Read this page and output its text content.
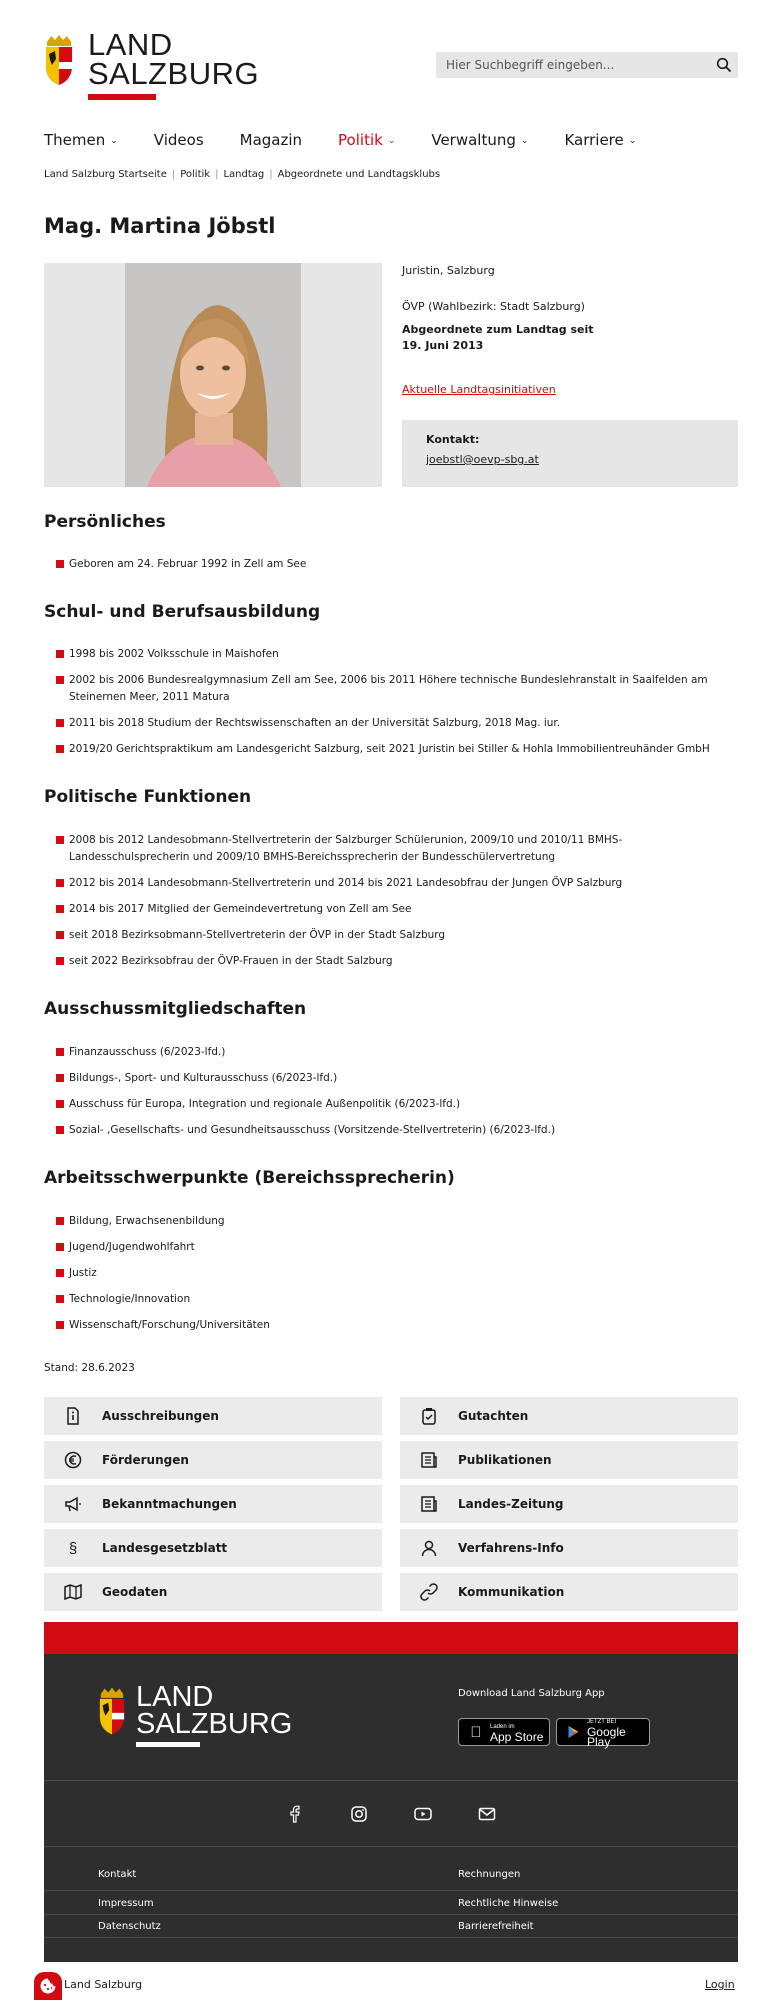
LAND
SALZBURG
Hier Suchbegriff eingeben...
Themen ⌄ Videos Magazin Politik ⌄ Verwaltung ⌄ Karriere ⌄
Land Salzburg Startseite | Politik | Landtag | Abgeordnete und Landtagsklubs
Mag. Martina Jöbstl
Juristin, Salzburg
ÖVP (Wahlbezirk: Stadt Salzburg)
Abgeordnete zum Landtag seit 19. Juni 2013
Aktuelle Landtagsinitiativen
Kontakt:
joebstl@oevp-sbg.at
Persönliches
Geboren am 24. Februar 1992 in Zell am See
Schul- und Berufsausbildung
1998 bis 2002 Volksschule in Maishofen
2002 bis 2006 Bundesrealgymnasium Zell am See, 2006 bis 2011 Höhere technische Bundeslehranstalt in Saalfelden am Steinernen Meer, 2011 Matura
2011 bis 2018 Studium der Rechtswissenschaften an der Universität Salzburg, 2018 Mag. iur.
2019/20 Gerichtspraktikum am Landesgericht Salzburg, seit 2021 Juristin bei Stiller & Hohla Immobilientreuhänder GmbH
Politische Funktionen
2008 bis 2012 Landesobmann-Stellvertreterin der Salzburger Schülerunion, 2009/10 und 2010/11 BMHS-Landesschulsprecherin und 2009/10 BMHS-Bereichssprecherin der Bundesschülervertretung
2012 bis 2014 Landesobmann-Stellvertreterin und 2014 bis 2021 Landesobfrau der Jungen ÖVP Salzburg
2014 bis 2017 Mitglied der Gemeindevertretung von Zell am See
seit 2018 Bezirksobmann-Stellvertreterin der ÖVP in der Stadt Salzburg
seit 2022 Bezirksobfrau der ÖVP-Frauen in der Stadt Salzburg
Ausschussmitgliedschaften
Finanzausschuss (6/2023-lfd.)
Bildungs-, Sport- und Kulturausschuss (6/2023-lfd.)
Ausschuss für Europa, Integration und regionale Außenpolitik (6/2023-lfd.)
Sozial- ,Gesellschafts- und Gesundheitsausschuss (Vorsitzende-Stellvertreterin) (6/2023-lfd.)
Arbeitsschwerpunkte (Bereichssprecherin)
Bildung, Erwachsenenbildung
Jugend/Jugendwohlfahrt
Justiz
Technologie/Innovation
Wissenschaft/Forschung/Universitäten
Stand: 28.6.2023
Ausschreibungen	Gutachten
Förderungen	Publikationen
Bekanntmachungen	Landes-Zeitung
§	Landesgesetzblatt	Verfahrens-Info
Geodaten	Kommunikation
LAND
SALZBURG
Download Land Salzburg App
Laden im
App Store
JETZT BEI
Google Play
Kontakt	Rechnungen
Impressum	Rechtliche Hinweise
Datenschutz	Barrierefreiheit
Land Salzburg	Login
